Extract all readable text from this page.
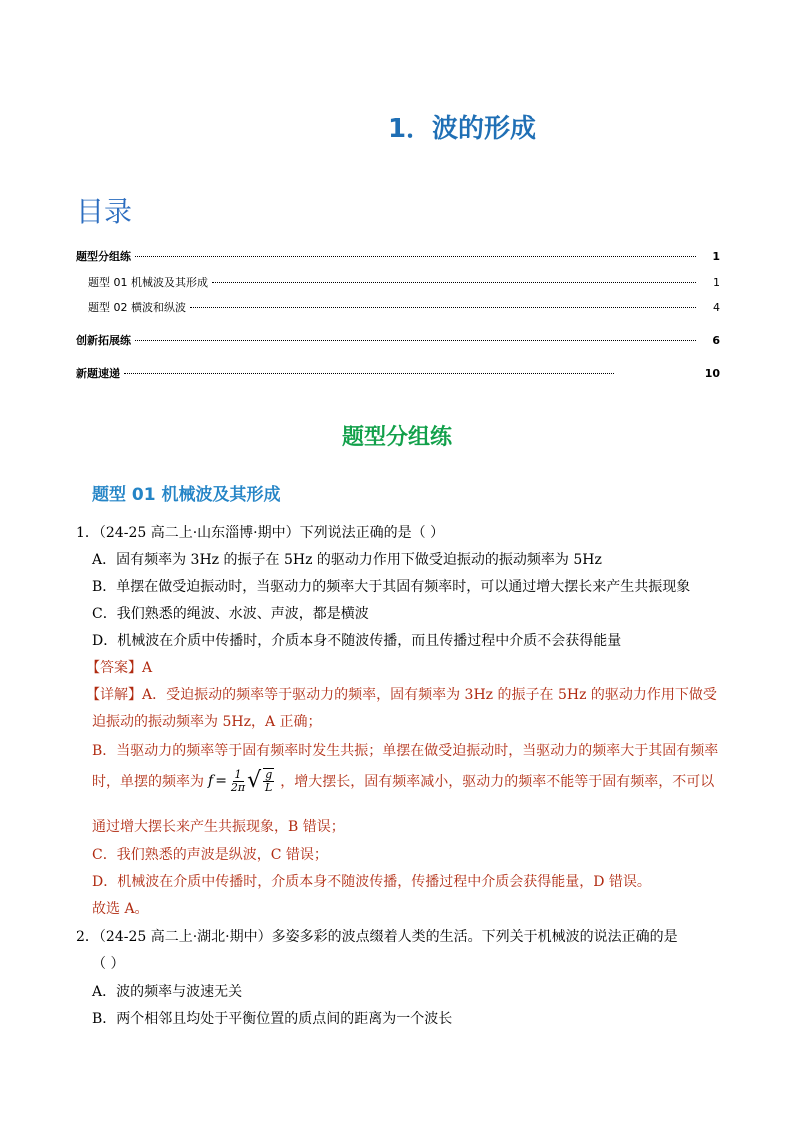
1．波的形成
目录
题型分组练	1
题型 01 机械波及其形成	1
题型 02 横波和纵波	4
创新拓展练	6
新题速递	10
题型分组练
题型 01 机械波及其形成
1．（24-25 高二上·山东淄博·期中）下列说法正确的是（ ）
A．固有频率为 3Hz 的振子在 5Hz 的驱动力作用下做受迫振动的振动频率为 5Hz
B．单摆在做受迫振动时，当驱动力的频率大于其固有频率时，可以通过增大摆长来产生共振现象
C．我们熟悉的绳波、水波、声波，都是横波
D．机械波在介质中传播时，介质本身不随波传播，而且传播过程中介质不会获得能量
【答案】A
【详解】A．受迫振动的频率等于驱动力的频率，固有频率为 3Hz 的振子在 5Hz 的驱动力作用下做受
迫振动的振动频率为 5Hz，A 正确；
B．当驱动力的频率等于固有频率时发生共振；单摆在做受迫振动时，当驱动力的频率大于其固有频率
时，单摆的频率为 $f = \frac{1}{2\pi}$ √ $\frac{g}{L}$ ，增大摆长，固有频率减小，驱动力的频率不能等于固有频率，不可以
通过增大摆长来产生共振现象，B 错误；
C．我们熟悉的声波是纵波，C 错误；
D．机械波在介质中传播时，介质本身不随波传播，传播过程中介质会获得能量，D 错误。
故选 A。
2．（24-25 高二上·湖北·期中）多姿多彩的波点缀着人类的生活。下列关于机械波的说法正确的是
（ ）
A．波的频率与波速无关
B．两个相邻且均处于平衡位置的质点间的距离为一个波长
